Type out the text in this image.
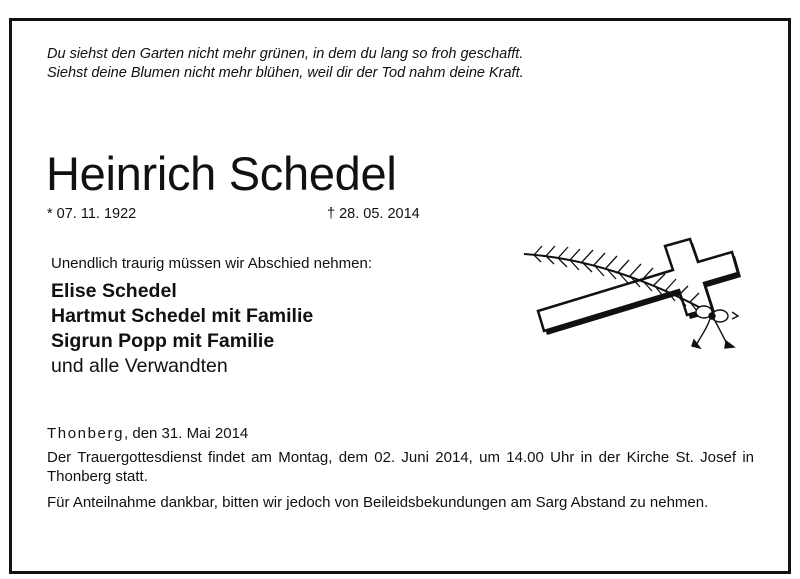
Du siehst den Garten nicht mehr grünen, in dem du lang so froh geschafft.
Siehst deine Blumen nicht mehr blühen, weil dir der Tod nahm deine Kraft.
Heinrich Schedel
* 07. 11. 1922	† 28. 05. 2014
Unendlich traurig müssen wir Abschied nehmen:
Elise Schedel
Hartmut Schedel mit Familie
Sigrun Popp mit Familie
und alle Verwandten
Thonberg, den 31. Mai 2014
Der Trauergottesdienst findet am Montag, dem 02. Juni 2014, um 14.00 Uhr in der Kirche St. Josef in Thonberg statt.
Für Anteilnahme dankbar, bitten wir jedoch von Beileidsbekundungen am Sarg Abstand zu nehmen.
